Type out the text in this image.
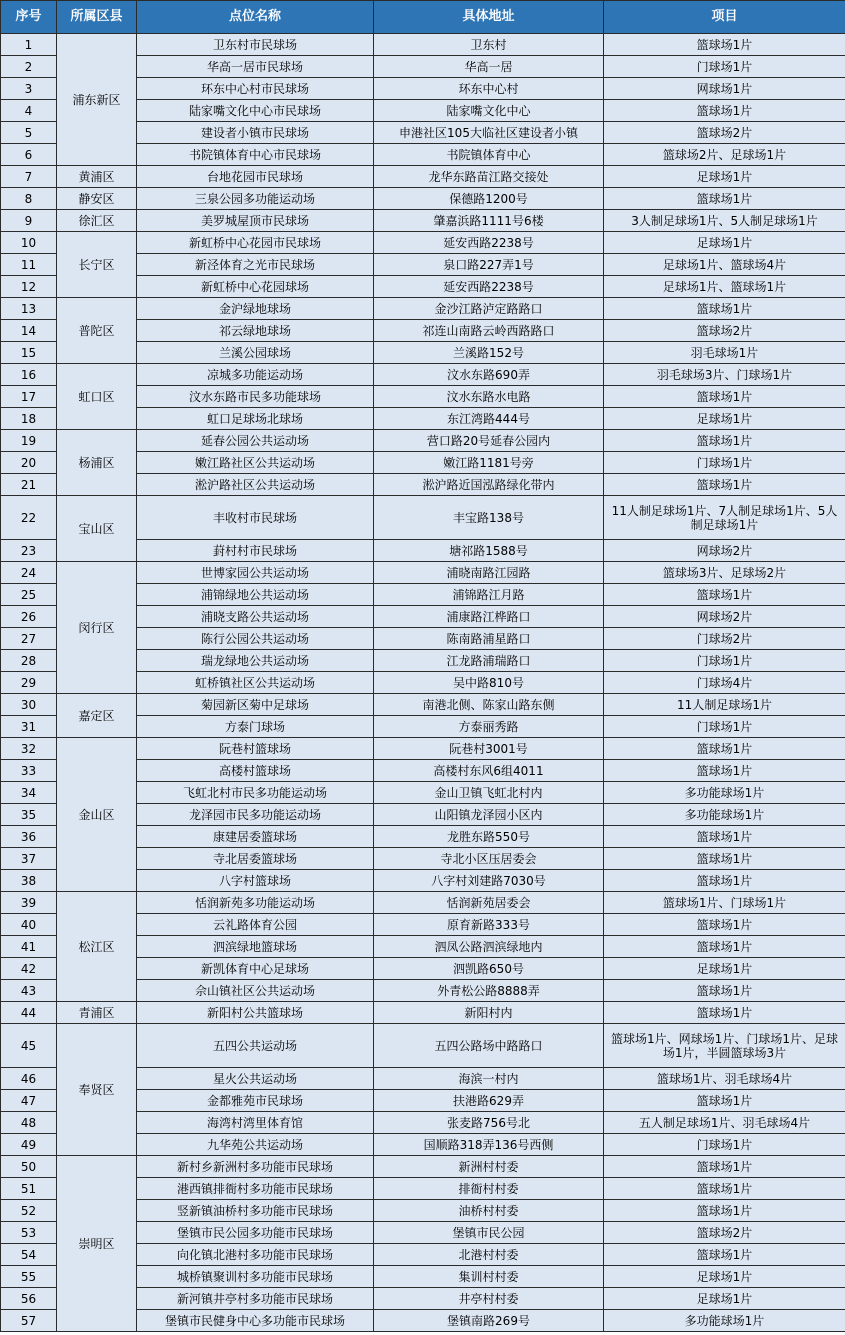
序号	所属区县	点位名称	具体地址	项目
1	浦东新区	卫东村市民球场	卫东村	篮球场1片
2		华高一居市民球场	华高一居	门球场1片
3		环东中心村市民球场	环东中心村	网球场1片
4		陆家嘴文化中心市民球场	陆家嘴文化中心	篮球场1片
5		建设者小镇市民球场	申港社区105大临社区建设者小镇	篮球场2片
6		书院镇体育中心市民球场	书院镇体育中心	篮球场2片、足球场1片
7	黄浦区	台地花园市民球场	龙华东路苗江路交接处	足球场1片
8	静安区	三泉公园多功能运动场	保德路1200号	篮球场1片
9	徐汇区	美罗城屋顶市民球场	肇嘉浜路1111号6楼	3人制足球场1片、5人制足球场1片
10	长宁区	新虹桥中心花园市民球场	延安西路2238号	足球场1片
11		新泾体育之光市民球场	泉口路227弄1号	足球场1片、篮球场4片
12		新虹桥中心花园球场	延安西路2238号	足球场1片、篮球场1片
13	普陀区	金沪绿地球场	金沙江路泸定路路口	篮球场1片
14		祁云绿地球场	祁连山南路云岭西路路口	篮球场2片
15		兰溪公园球场	兰溪路152号	羽毛球场1片
16	虹口区	凉城多功能运动场	汶水东路690弄	羽毛球场3片、门球场1片
17		汶水东路市民多功能球场	汶水东路水电路	篮球场1片
18		虹口足球场北球场	东江湾路444号	足球场1片
19	杨浦区	延春公园公共运动场	营口路20号延春公园内	篮球场1片
20		嫩江路社区公共运动场	嫩江路1181号旁	门球场1片
21		淞沪路社区公共运动场	淞沪路近国泓路绿化带内	篮球场1片
22	宝山区	丰收村市民球场	丰宝路138号	11人制足球场1片、7人制足球场1片、5人制足球场1片
23		葑村村市民球场	塘祁路1588号	网球场2片
24	闵行区	世博家园公共运动场	浦晓南路江园路	篮球场3片、足球场2片
25		浦锦绿地公共运动场	浦锦路江月路	篮球场1片
26		浦晓支路公共运动场	浦康路江桦路口	网球场2片
27		陈行公园公共运动场	陈南路浦星路口	门球场2片
28		瑞龙绿地公共运动场	江龙路浦瑞路口	门球场1片
29		虹桥镇社区公共运动场	吴中路810号	门球场4片
30	嘉定区	菊园新区菊中足球场	南港北侧、陈家山路东侧	11人制足球场1片
31		方泰门球场	方泰丽秀路	门球场1片
32	金山区	阮巷村篮球场	阮巷村3001号	篮球场1片
33		高楼村篮球场	高楼村东风6组4011	篮球场1片
34		飞虹北村市民多功能运动场	金山卫镇飞虹北村内	多功能球场1片
35		龙泽园市民多功能运动场	山阳镇龙泽园小区内	多功能球场1片
36		康建居委篮球场	龙胜东路550号	篮球场1片
37		寺北居委篮球场	寺北小区压居委会	篮球场1片
38		八字村篮球场	八字村刘建路7030号	篮球场1片
39	松江区	恬润新苑多功能运动场	恬润新苑居委会	篮球场1片、门球场1片
40		云礼路体育公园	原育新路333号	篮球场1片
41		泗滨绿地篮球场	泗凤公路泗滨绿地内	篮球场1片
42		新凯体育中心足球场	泗凯路650号	足球场1片
43		佘山镇社区公共运动场	外青松公路8888弄	篮球场1片
44	青浦区	新阳村公共篮球场	新阳村内	篮球场1片
45	奉贤区	五四公共运动场	五四公路场中路路口	篮球场1片、网球场1片、门球场1片、足球场1片，半圆篮球场3片
46		星火公共运动场	海滨一村内	篮球场1片、羽毛球场4片
47		金都雅苑市民球场	扶港路629弄	篮球场1片
48		海湾村湾里体育馆	张麦路756号北	五人制足球场1片、羽毛球场4片
49		九华苑公共运动场	国顺路318弄136号西侧	门球场1片
50	崇明区	新村乡新洲村多功能市民球场	新洲村村委	篮球场1片
51		港西镇排衙村多功能市民球场	排衙村村委	篮球场1片
52		竖新镇油桥村多功能市民球场	油桥村村委	篮球场1片
53		堡镇市民公园多功能市民球场	堡镇市民公园	篮球场2片
54		向化镇北港村多功能市民球场	北港村村委	篮球场1片
55		城桥镇聚训村多功能市民球场	集训村村委	足球场1片
56		新河镇井亭村多功能市民球场	井亭村村委	足球场1片
57		堡镇市民健身中心多功能市民球场	堡镇南路269号	多功能球场1片
